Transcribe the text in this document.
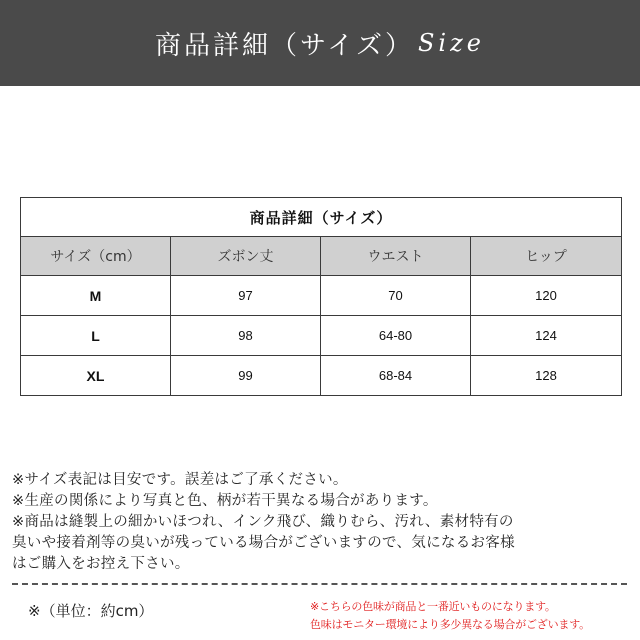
商品詳細（サイズ） Size
商品詳細（サイズ）			
サイズ（cm）	ズボン丈	ウエスト	ヒップ
M	97	70	120
L	98	64-80	124
XL	99	68-84	128

※サイズ表記は目安です。誤差はご了承ください。

※生産の関係により写真と色、柄が若干異なる場合があります。

※商品は縫製上の細かいほつれ、インク飛び、織りむら、汚れ、素材特有の

臭いや接着剤等の臭いが残っている場合がございますので、気になるお客様

はご購入をお控え下さい。

※（単位：約cm）	※こちらの色味が商品と一番近いものになります。

色味はモニター環境により多少異なる場合がございます。
